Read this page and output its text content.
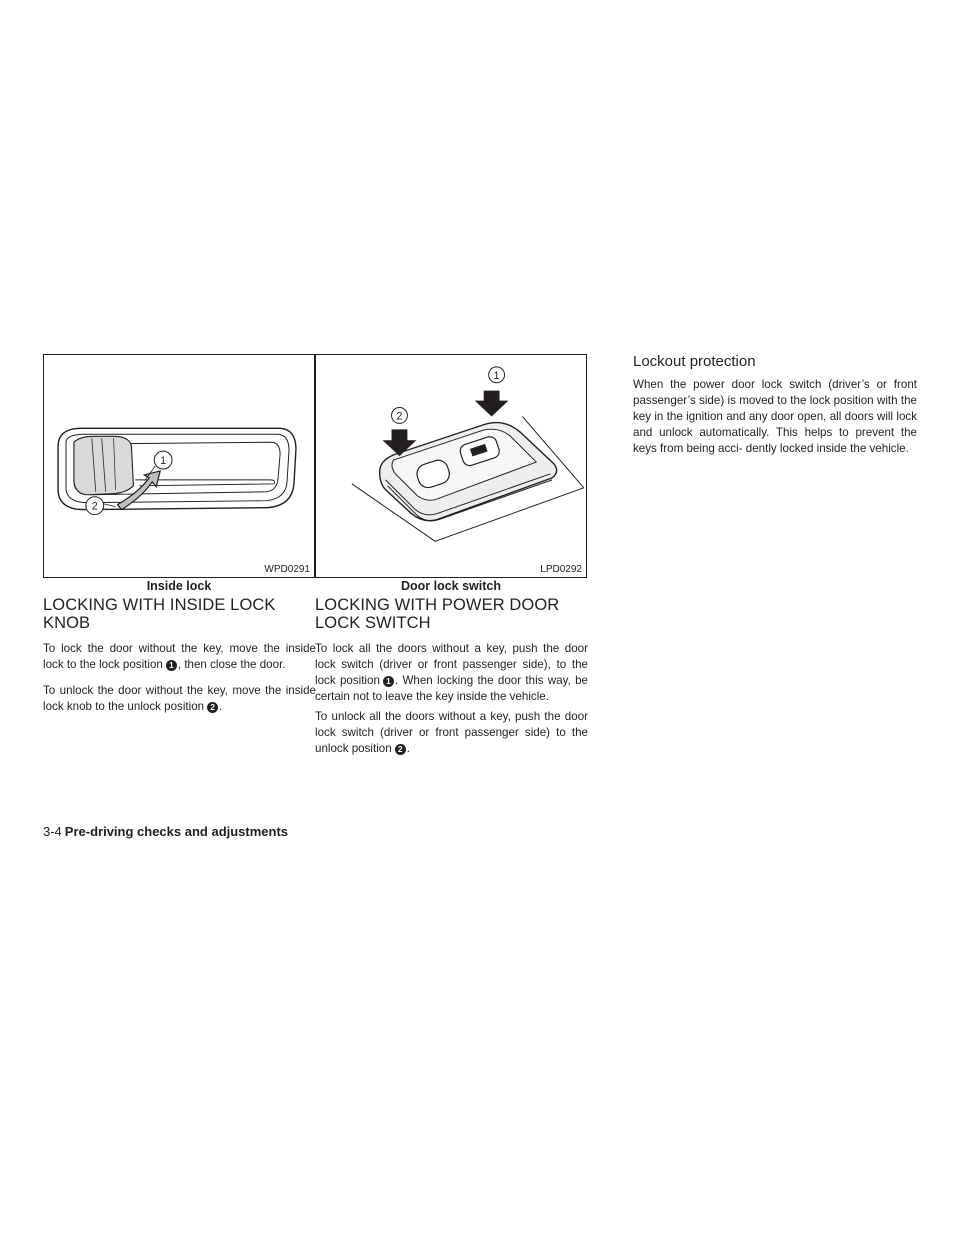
1
2
WPD0291
Inside lock
1
2
LPD0292
Door lock switch
LOCKING WITH INSIDE LOCK
KNOB

To lock the door without the key, move the inside lock to the lock position 1 , then close the door.

To unlock the door without the key, move the inside lock knob to the unlock position 2 .

LOCKING WITH POWER DOOR
LOCK SWITCH

To lock all the doors without a key, push the door lock switch (driver or front passenger side), to the lock position 1 . When locking the door this way, be certain not to leave the key inside the vehicle.

To unlock all the doors without a key, push the door lock switch (driver or front passenger side) to the unlock position 2 .

Lockout protection

When the power door lock switch (driver’s or front passenger’s side) is moved to the lock position with the key in the ignition and any door open, all doors will lock and unlock automatically. This helps to prevent the keys from being acci- dently locked inside the vehicle.

3-4 Pre-driving checks and adjustments
